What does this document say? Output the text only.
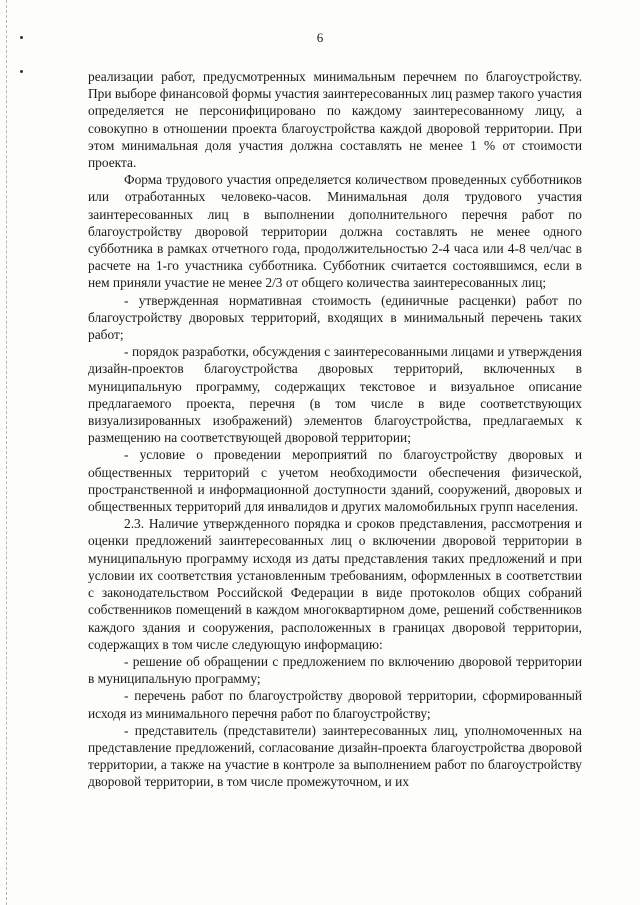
6

реализации работ, предусмотренных минимальным перечнем по благоустройству. При выборе финансовой формы участия заинтересованных лиц размер такого участия определяется не персонифицировано по каждому заинтересованному лицу, а совокупно в отношении проекта благоустройства каждой дворовой территории. При этом минимальная доля участия должна составлять не менее 1 % от стоимости проекта.

Форма трудового участия определяется количеством проведенных субботников или отработанных человеко-часов. Минимальная доля трудового участия заинтересованных лиц в выполнении дополнительного перечня работ по благоустройству дворовой территории должна составлять не менее одного субботника в рамках отчетного года, продолжительностью 2-4 часа или 4-8 чел/час в расчете на 1-го участника субботника. Субботник считается состоявшимся, если в нем приняли участие не менее 2/3 от общего количества заинтересованных лиц;

- утвержденная нормативная стоимость (единичные расценки) работ по благоустройству дворовых территорий, входящих в минимальный перечень таких работ;

- порядок разработки, обсуждения с заинтересованными лицами и утверждения дизайн-проектов благоустройства дворовых территорий, включенных в муниципальную программу, содержащих текстовое и визуальное описание предлагаемого проекта, перечня (в том числе в виде соответствующих визуализированных изображений) элементов благоустройства, предлагаемых к размещению на соответствующей дворовой территории;

- условие о проведении мероприятий по благоустройству дворовых и общественных территорий с учетом необходимости обеспечения физической, пространственной и информационной доступности зданий, сооружений, дворовых и общественных территорий для инвалидов и других маломобильных групп населения.

2.3. Наличие утвержденного порядка и сроков представления, рассмотрения и оценки предложений заинтересованных лиц о включении дворовой территории в муниципальную программу исходя из даты представления таких предложений и при условии их соответствия установленным требованиям, оформленных в соответствии с законодательством Российской Федерации в виде протоколов общих собраний собственников помещений в каждом многоквартирном доме, решений собственников каждого здания и сооружения, расположенных в границах дворовой территории, содержащих в том числе следующую информацию:

- решение об обращении с предложением по включению дворовой территории в муниципальную программу;

- перечень работ по благоустройству дворовой территории, сформированный исходя из минимального перечня работ по благоустройству;

- представитель (представители) заинтересованных лиц, уполномоченных на представление предложений, согласование дизайн-проекта благоустройства дворовой территории, а также на участие в контроле за выполнением работ по благоустройству дворовой территории, в том числе промежуточном, и их
